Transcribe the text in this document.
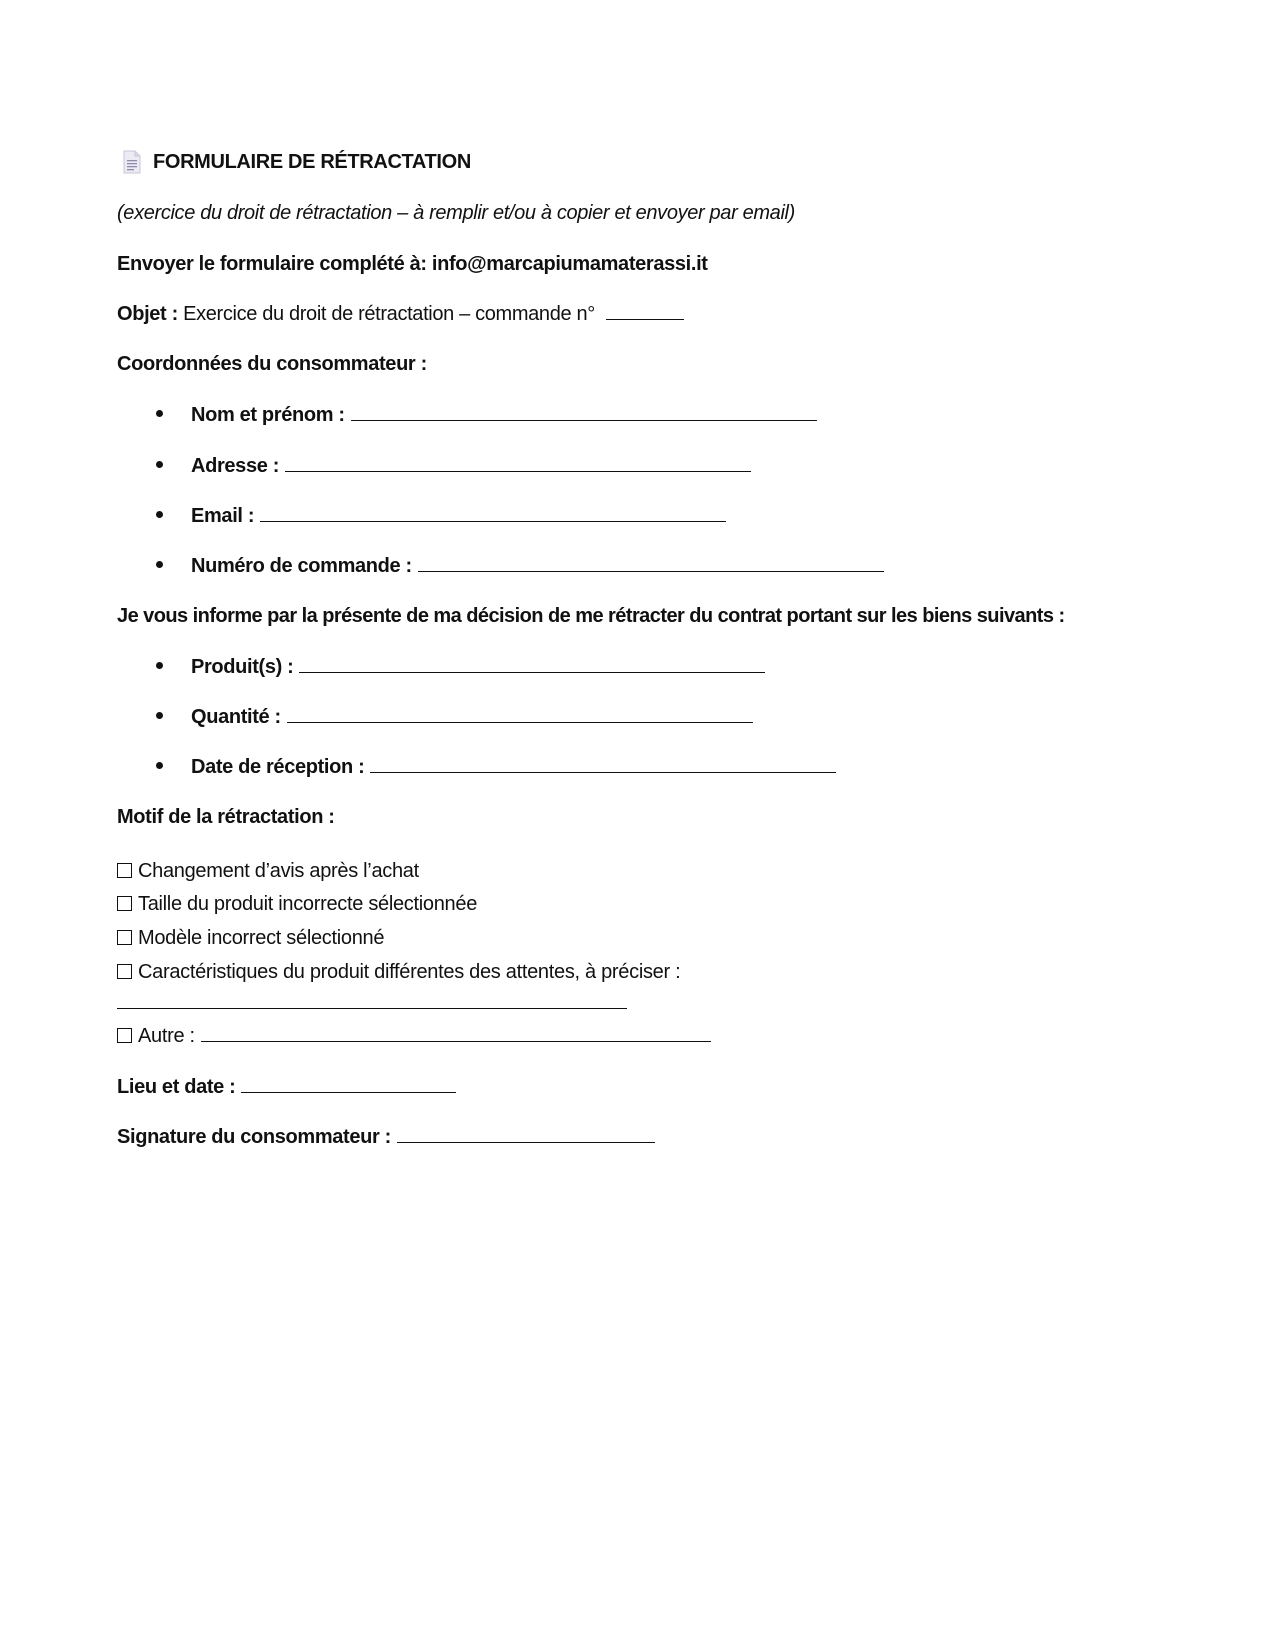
FORMULAIRE DE RÉTRACTATION
(exercice du droit de rétractation – à remplir et/ou à copier et envoyer par email)
Envoyer le formulaire complété à: info@marcapiumamaterassi.it
Objet : Exercice du droit de rétractation – commande n°
Coordonnées du consommateur :
Nom et prénom :
Adresse :
Email :
Numéro de commande :
Je vous informe par la présente de ma décision de me rétracter du contrat portant sur les biens suivants :
Produit(s) :
Quantité :
Date de réception :
Motif de la rétractation :
Changement d’avis après l’achat
Taille du produit incorrecte sélectionnée
Modèle incorrect sélectionné
Caractéristiques du produit différentes des attentes, à préciser :
Autre :
Lieu et date :
Signature du consommateur :
